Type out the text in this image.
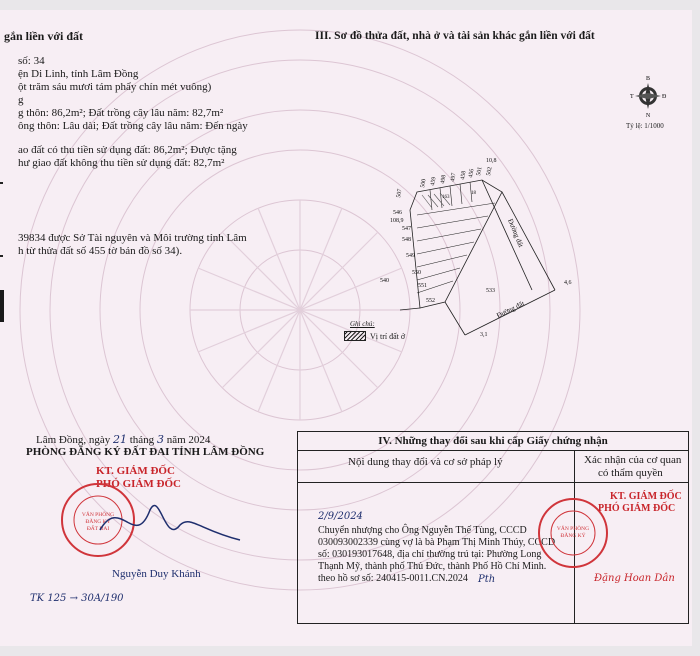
gắn liền với đất
số: 34
ện Di Linh, tỉnh Lâm Đồng
ột trăm sáu mươi tám phẩy chín mét vuông)
g
g thôn: 86,2m²; Đất trồng cây lâu năm: 82,7m²
ông thôn: Lâu dài; Đất trồng cây lâu năm: Đến ngày
ao đất có thu tiền sử dụng đất: 86,2m²; Được tặng
hư giao đất không thu tiền sử dụng đất: 82,7m²
39834 được Sở Tài nguyên và Môi trường tỉnh Lâm
h từ thửa đất số 455 tờ bản đồ số 34).
III. Sơ đồ thửa đất, nhà ở và tài sản khác gắn liền với đất
B
N
T	Đ
Tỷ lệ: 1/1000
507
500 459 498 497 458 456 501 502
546
108,9
547
548
549
550
551
552
540
533
10,8
4,6
3,1
163
18
Đường đất
Đường đất
Ghi chú:
Vị trí đất ở
Lâm Đồng, ngày 21 tháng 3 năm 2024
PHÒNG ĐĂNG KÝ ĐẤT ĐAI TỈNH LÂM ĐỒNG
KT. GIÁM ĐỐC
PHÓ GIÁM ĐỐC
VĂN PHÒNG
ĐĂNG KÝ
ĐẤT ĐAI
Nguyễn Duy Khánh
TK 125 → 30A/190
IV. Những thay đổi sau khi cấp Giấy chứng nhận
Nội dung thay đổi và cơ sở pháp lý	Xác nhận của cơ quan
có thẩm quyền
2/9/2024
Chuyển nhượng cho Ông Nguyễn Thế Tùng, CCCD
030093002339 cùng vợ là bà Phạm Thị Minh Thúy, CCCD
số: 030193017648, địa chỉ thường trú tại: Phường Long
Thạnh Mỹ, thành phố Thủ Đức, thành Phố Hồ Chí Minh.
theo hồ sơ số: 240415-0011.CN.2024 Pth
VĂN PHÒNG
ĐĂNG KÝ
KT. GIÁM ĐỐC
PHÓ GIÁM ĐỐC
Đặng Hoan Dân
